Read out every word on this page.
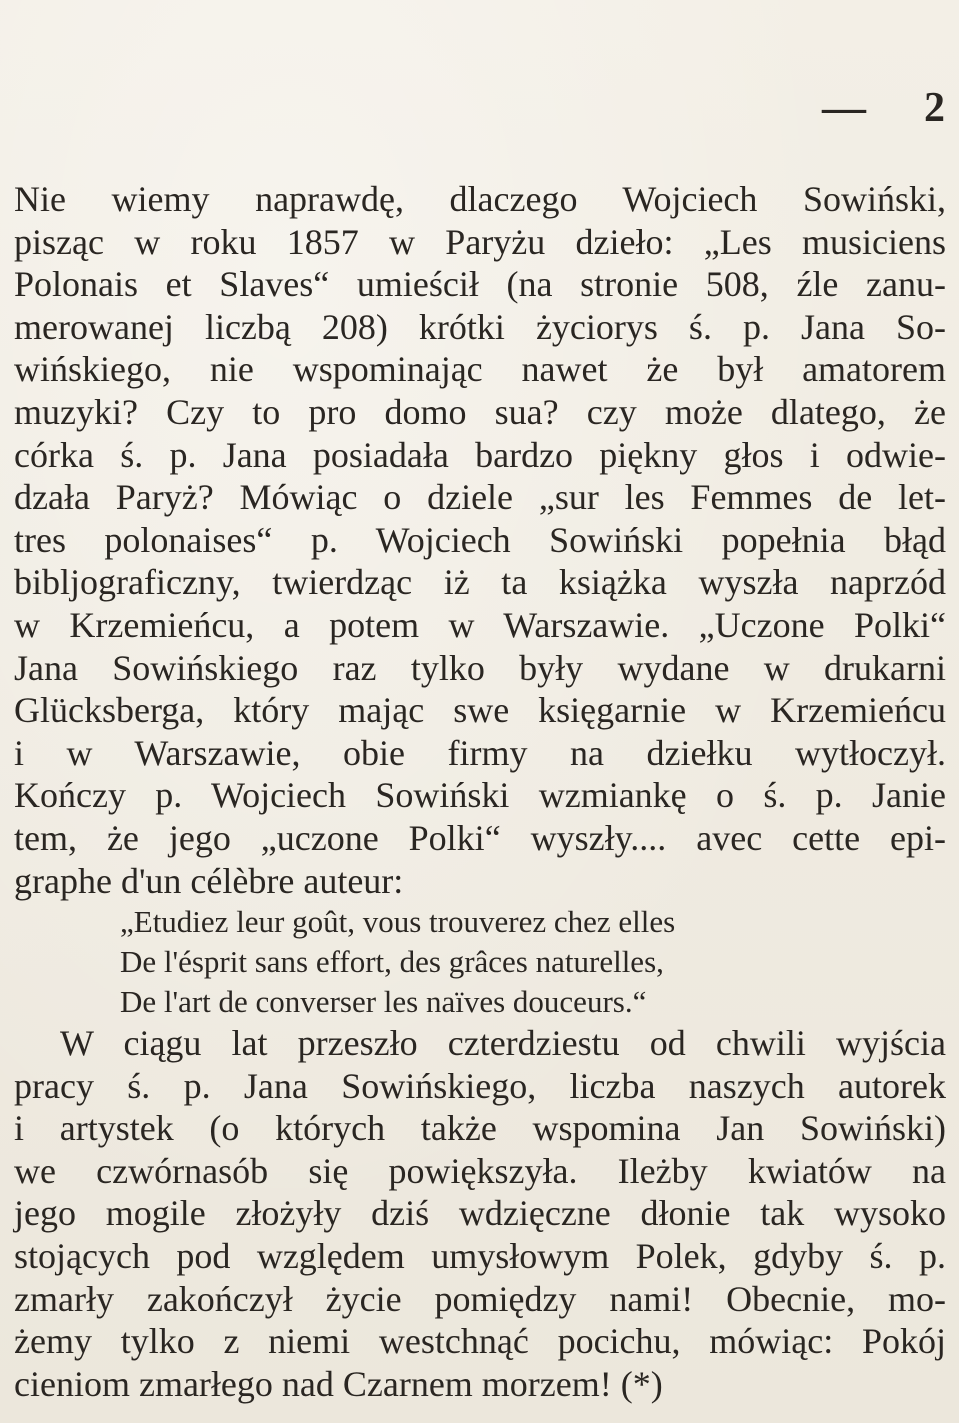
— 2
Nie wiemy naprawdę, dlaczego Wojciech Sowiński,
pisząc w roku 1857 w Paryżu dzieło: „Les musiciens
Polonais et Slaves“ umieścił (na stronie 508, źle zanu-
merowanej liczbą 208) krótki życiorys ś. p. Jana So-
wińskiego, nie wspominając nawet że był amatorem
muzyki? Czy to pro domo sua? czy może dlatego, że
córka ś. p. Jana posiadała bardzo piękny głos i odwie-
dzała Paryż? Mówiąc o dziele „sur les Femmes de let-
tres polonaises“ p. Wojciech Sowiński popełnia błąd
bibljograficzny, twierdząc iż ta książka wyszła naprzód
w Krzemieńcu, a potem w Warszawie. „Uczone Polki“
Jana Sowińskiego raz tylko były wydane w drukarni
Glücksberga, który mając swe księgarnie w Krzemieńcu
i w Warszawie, obie firmy na dziełku wytłoczył.
Kończy p. Wojciech Sowiński wzmiankę o ś. p. Janie
tem, że jego „uczone Polki“ wyszły.... avec cette epi-
graphe d'un célèbre auteur:
„Etudiez leur goût, vous trouverez chez elles
De l'ésprit sans effort, des grâces naturelles,
De l'art de converser les naïves douceurs.“
W ciągu lat przeszło czterdziestu od chwili wyjścia
pracy ś. p. Jana Sowińskiego, liczba naszych autorek
i artystek (o których także wspomina Jan Sowiński)
we czwórnasób się powiększyła. Ileżby kwiatów na
jego mogile złożyły dziś wdzięczne dłonie tak wysoko
stojących pod względem umysłowym Polek, gdyby ś. p.
zmarły zakończył życie pomiędzy nami! Obecnie, mo-
żemy tylko z niemi westchnąć pocichu, mówiąc: Pokój
cieniom zmarłego nad Czarnem morzem! (*)
